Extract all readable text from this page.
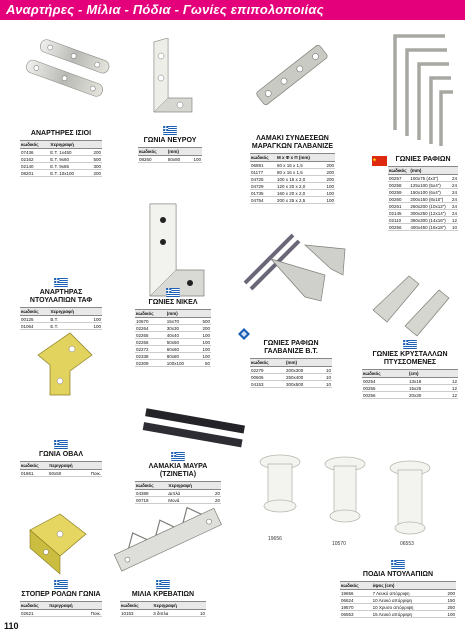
Αναρτήρες - Μίλια - Πόδια - Γωνίες επιπολοποιίας
19656
10570	06553
ΑΝΑΡΤΗΡΕΣ ΙΣΙΟΙ
κωδικός	περιγραφή	
07436	Ε.Τ. 1x450	200
02162	Ε.Τ. 9x60	500
02140	Ε.Τ. 9x85	300
08201	Ε.Τ. 10x100	200
ΓΩΝΙΑ ΝΕΥΡΟΥ
κωδικός	(mm)	
08260	50x80	100
ΛΑΜΑΚΙ ΣΥΝΔΕΣΕΩΝ ΜΑΡΑΓΚΩΝ ΓΑΛΒΑΝΙΖΕ
κωδικός	Μ x Φ x Π (mm)	
06891	60 x 16 x 1,5	200
01177	80 x 16 x 1,5	200
04725	100 x 16 x 2,0	200
04729	120 x 20 x 2,0	100
01735	160 x 20 x 2,0	100
04754	200 x 25 x 2,5	100
ΓΩΝΙΕΣ ΡΑΦΙΩΝ
κωδικός	(mm)	
00257	100x75 (4x3")	24
00258	125x100 (5x4")	24
00259	150x100 (6x4")	24
00260	200x150 (8x10")	24
00261	250x200 (10x12")	24
02145	300x250 (12x14")	24
02110	350x300 (14x16")	12
00256	400x450 (16x18")	10
ΑΝΑΡΤΗΡΑΣ ΝΤΟΥΛΑΠΙΩΝ ΤΑΦ
κωδικός	περιγραφή	
00125	Β.Τ.	100
01064	Ε.Τ.	100
ΓΩΝΙΕΣ ΝΙΚΕΛ
κωδικός	(mm)	
10670	15x70	500
02264	30x30	200
02265	40x40	100
02266	50x50	100
02272	60x60	100
02338	80x80	100
02309	100x100	50
ΓΩΝΙΕΣ ΡΑΦΙΩΝ ΓΑΛΒΑΝΙΖΕ Β.Τ.
κωδικός	(mm)	
02279	200x300	10
00606	250x400	10
04153	300x500	10
ΓΩΝΙΕΣ ΚΡΥΣΤΑΛΛΩΝ ΠΤΥΣΣΟΜΕΝΕΣ
κωδικός	(cm)	
00254	13x18	12
00255	15x25	12
00256	20x30	12
ΓΩΝΙΑ ΟΒΑΛ
κωδικός	περιγραφή	
01861	50x50	Ποικ.
ΛΑΜΑΚΙΑ ΜΑΥΡΑ (ΤΖΙΝΕΤΙΑ)
κωδικός	περιγραφή	
04389	Διπλά	20
00718	Μονά	20
ΣΤΟΠΕΡ ΡΟΛΩΝ ΓΩΝΙΑ
κωδικός	περιγραφή	
02621		Ποικ.
ΜΙΛΙΑ ΚΡΕΒΑΤΙΩΝ
κωδικός	περιγραφή	
10153	3 διπλα	10
ΠΟΔΙΑ ΝΤΟΥΛΑΠΙΩΝ
κωδικός	ύψος (cm)	
19656	7 Λευκό απόρριψη	200
06624	10 Λευκό απόρριψη	150
19570	10 Χρυσο απόρριψη	250
06553	15 Λευκό απόρριψη	100
110
